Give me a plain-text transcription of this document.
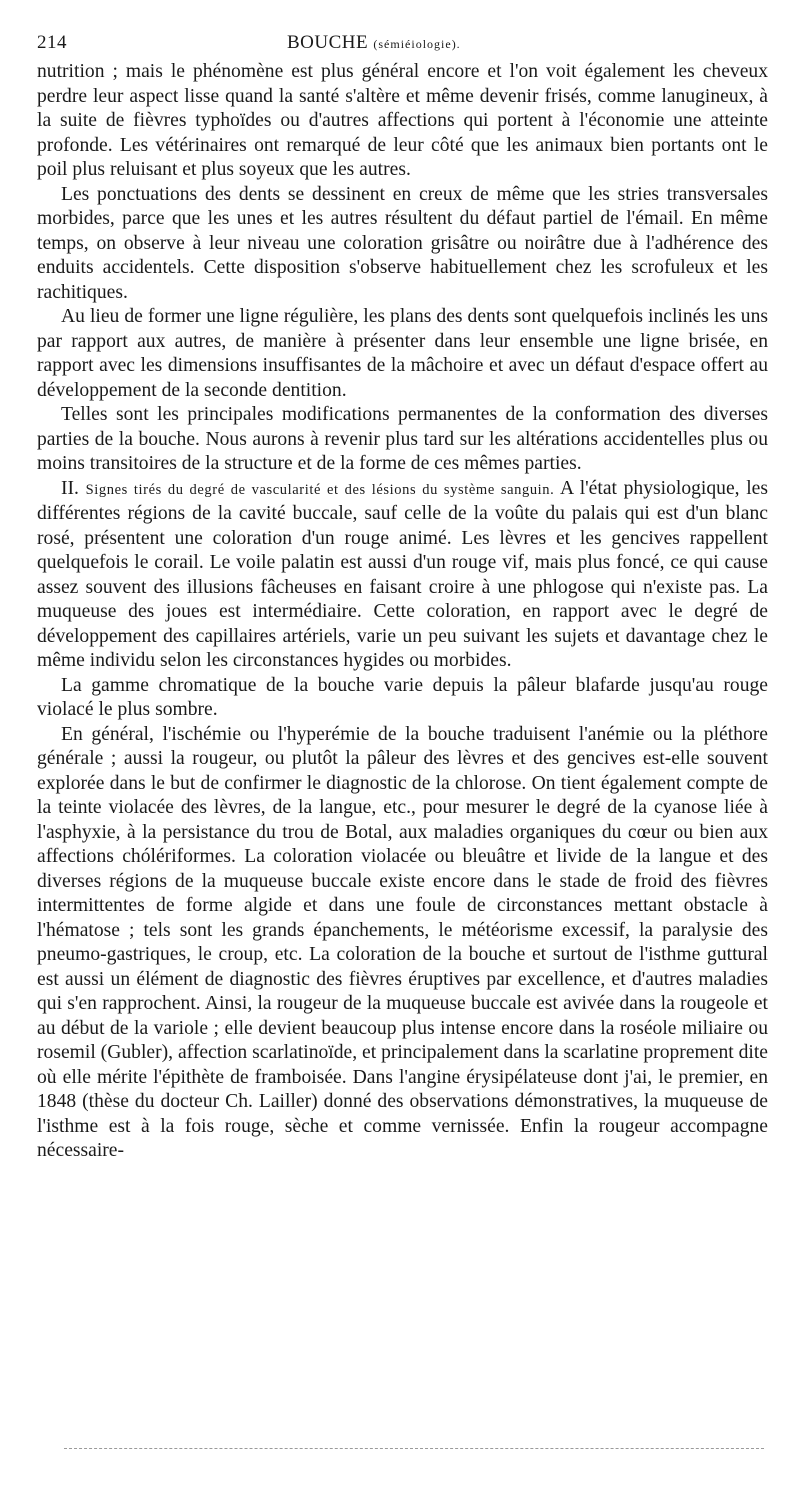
214	BOUCHE (sémiéiologie).

nutrition ; mais le phénomène est plus général encore et l'on voit également les cheveux perdre leur aspect lisse quand la santé s'altère et même devenir frisés, comme lanugineux, à la suite de fièvres typhoïdes ou d'autres affections qui portent à l'économie une atteinte profonde. Les vétérinaires ont remarqué de leur côté que les animaux bien portants ont le poil plus reluisant et plus soyeux que les autres.

Les ponctuations des dents se dessinent en creux de même que les stries transversales morbides, parce que les unes et les autres résultent du défaut partiel de l'émail. En même temps, on observe à leur niveau une coloration grisâtre ou noirâtre due à l'adhérence des enduits accidentels. Cette disposition s'observe habituellement chez les scrofuleux et les rachitiques.

Au lieu de former une ligne régulière, les plans des dents sont quelquefois inclinés les uns par rapport aux autres, de manière à présenter dans leur ensemble une ligne brisée, en rapport avec les dimensions insuffisantes de la mâchoire et avec un défaut d'espace offert au développement de la seconde dentition.

Telles sont les principales modifications permanentes de la conformation des diverses parties de la bouche. Nous aurons à revenir plus tard sur les altérations accidentelles plus ou moins transitoires de la structure et de la forme de ces mêmes parties.

II. Signes tirés du degré de vascularité et des lésions du système sanguin. A l'état physiologique, les différentes régions de la cavité buccale, sauf celle de la voûte du palais qui est d'un blanc rosé, présentent une coloration d'un rouge animé. Les lèvres et les gencives rappellent quelquefois le corail. Le voile palatin est aussi d'un rouge vif, mais plus foncé, ce qui cause assez souvent des illusions fâcheuses en faisant croire à une phlogose qui n'existe pas. La muqueuse des joues est intermédiaire. Cette coloration, en rapport avec le degré de développement des capillaires artériels, varie un peu suivant les sujets et davantage chez le même individu selon les circonstances hygides ou morbides.

La gamme chromatique de la bouche varie depuis la pâleur blafarde jusqu'au rouge violacé le plus sombre.

En général, l'ischémie ou l'hyperémie de la bouche traduisent l'anémie ou la pléthore générale ; aussi la rougeur, ou plutôt la pâleur des lèvres et des gencives est-elle souvent explorée dans le but de confirmer le diagnostic de la chlorose. On tient également compte de la teinte violacée des lèvres, de la langue, etc., pour mesurer le degré de la cyanose liée à l'asphyxie, à la persistance du trou de Botal, aux maladies organiques du cœur ou bien aux affections chólériformes. La coloration violacée ou bleuâtre et livide de la langue et des diverses régions de la muqueuse buccale existe encore dans le stade de froid des fièvres intermittentes de forme algide et dans une foule de circonstances mettant obstacle à l'hématose ; tels sont les grands épanchements, le météorisme excessif, la paralysie des pneumo-gastriques, le croup, etc. La coloration de la bouche et surtout de l'isthme guttural est aussi un élément de diagnostic des fièvres éruptives par excellence, et d'autres maladies qui s'en rapprochent. Ainsi, la rougeur de la muqueuse buccale est avivée dans la rougeole et au début de la variole ; elle devient beaucoup plus intense encore dans la roséole miliaire ou rosemil (Gubler), affection scarlatinoïde, et principalement dans la scarlatine proprement dite où elle mérite l'épithète de framboisée. Dans l'angine érysipélateuse dont j'ai, le premier, en 1848 (thèse du docteur Ch. Lailler) donné des observations démonstratives, la muqueuse de l'isthme est à la fois rouge, sèche et comme vernissée. Enfin la rougeur accompagne nécessaire-
